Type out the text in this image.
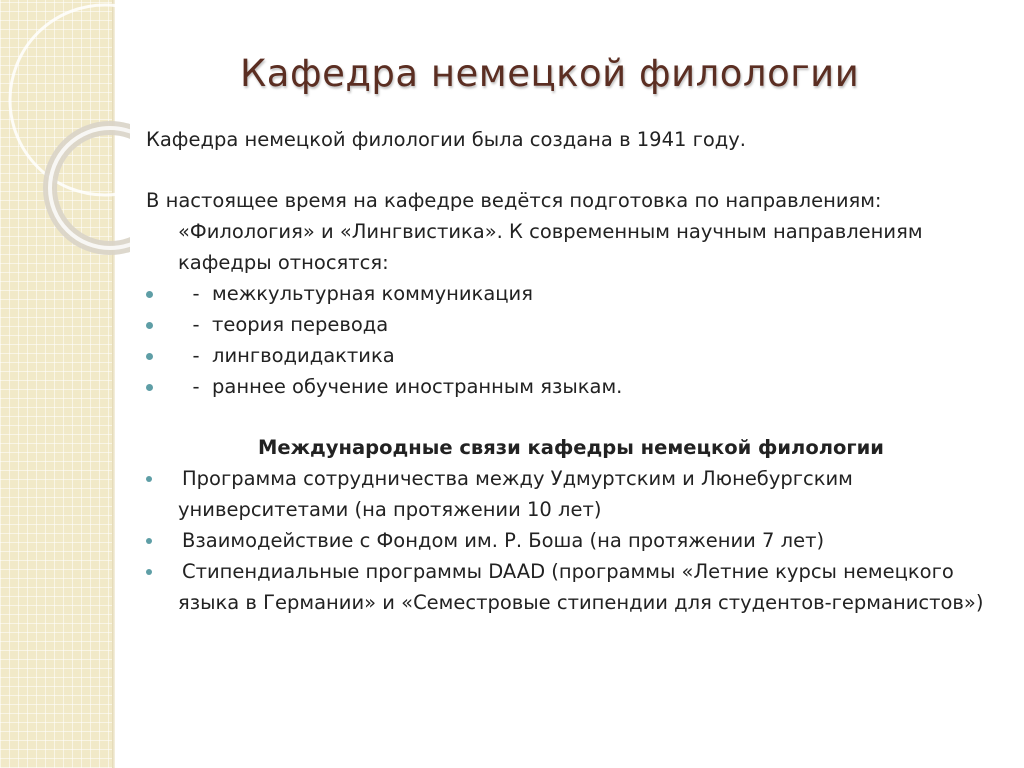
Кафедра немецкой филологии

Кафедра немецкой филологии была создана в 1941 году.

В настоящее время на кафедре ведётся подготовка по направлениям: «Филология» и «Лингвистика». К современным научным направлениям кафедры относятся:

- межкультурная коммуникация
- теория перевода
- лингводидактика
- раннее обучение иностранным языкам.

Международные связи кафедры немецкой филологии

Программа сотрудничества между Удмуртским и Люнебургским университетами (на протяжении 10 лет)
Взаимодействие с Фондом им. Р. Боша (на протяжении 7 лет)
Стипендиальные программы DAAD (программы «Летние курсы немецкого языка в Германии» и «Семестровые стипендии для студентов-германистов»)
